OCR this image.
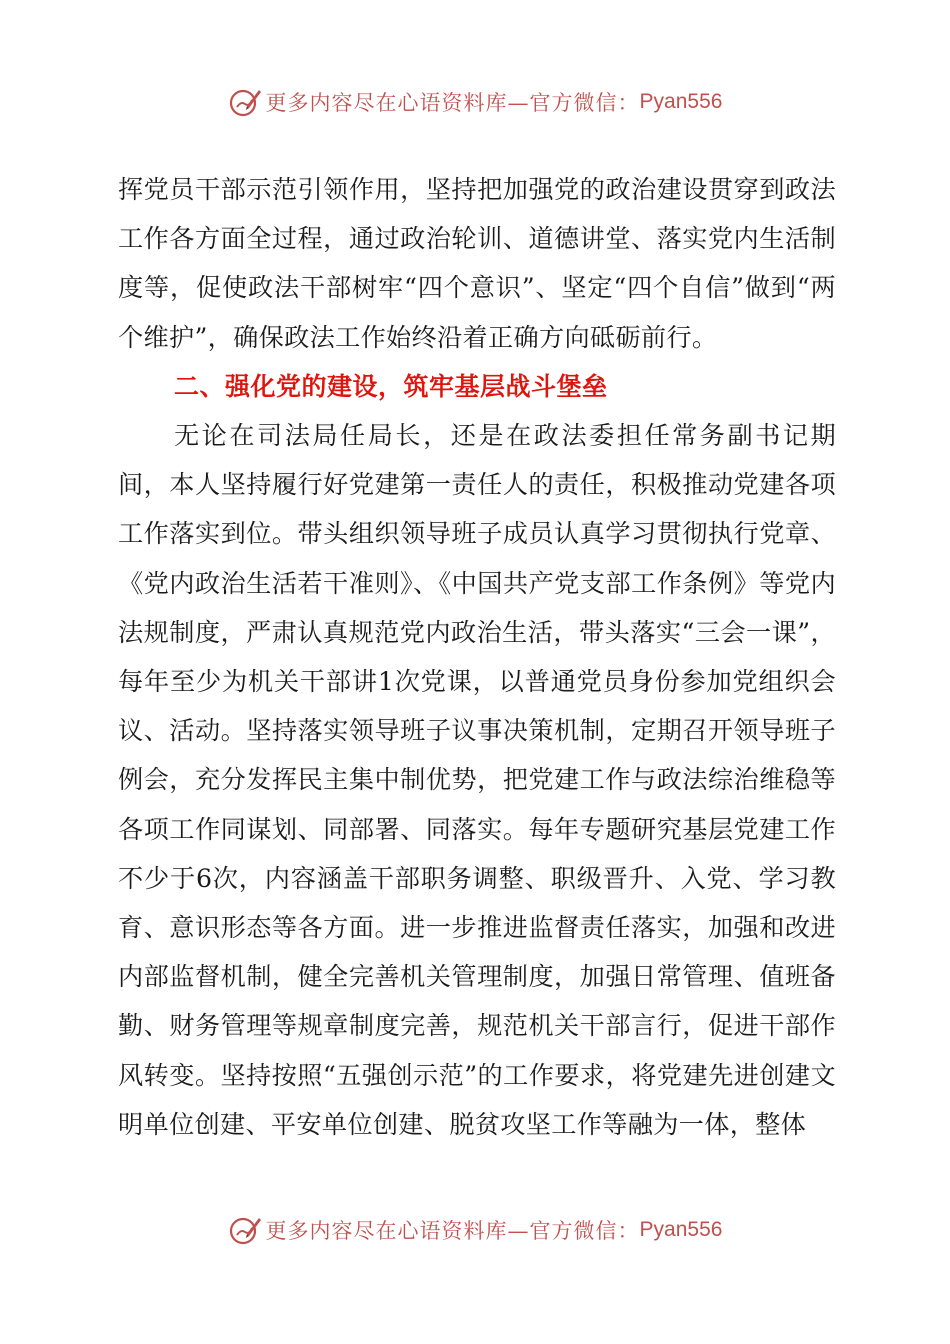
更多内容尽在心语资料库—官方微信： Pyan556

挥党员干部示范引领作用，坚持把加强党的政治建设贯穿到政法工作各方面全过程，通过政治轮训、道德讲堂、落实党内生活制度等，促使政法干部树牢“四个意识”、坚定“四个自信”做到“两个维护”，确保政法工作始终沿着正确方向砥砺前行。

二、强化党的建设，筑牢基层战斗堡垒

无论在司法局任局长，还是在政法委担任常务副书记期间，本人坚持履行好党建第一责任人的责任，积极推动党建各项工作落实到位。带头组织领导班子成员认真学习贯彻执行党章、《党内政治生活若干准则》、《中国共产党支部工作条例》等党内法规制度，严肃认真规范党内政治生活，带头落实“三会一课”，每年至少为机关干部讲1次党课，以普通党员身份参加党组织会议、活动。坚持落实领导班子议事决策机制，定期召开领导班子例会，充分发挥民主集中制优势，把党建工作与政法综治维稳等各项工作同谋划、同部署、同落实。每年专题研究基层党建工作不少于6次，内容涵盖干部职务调整、职级晋升、入党、学习教育、意识形态等各方面。进一步推进监督责任落实，加强和改进内部监督机制，健全完善机关管理制度，加强日常管理、值班备勤、财务管理等规章制度完善，规范机关干部言行，促进干部作风转变。坚持按照“五强创示范”的工作要求，将党建先进创建文明单位创建、平安单位创建、脱贫攻坚工作等融为一体，整体

更多内容尽在心语资料库—官方微信： Pyan556
